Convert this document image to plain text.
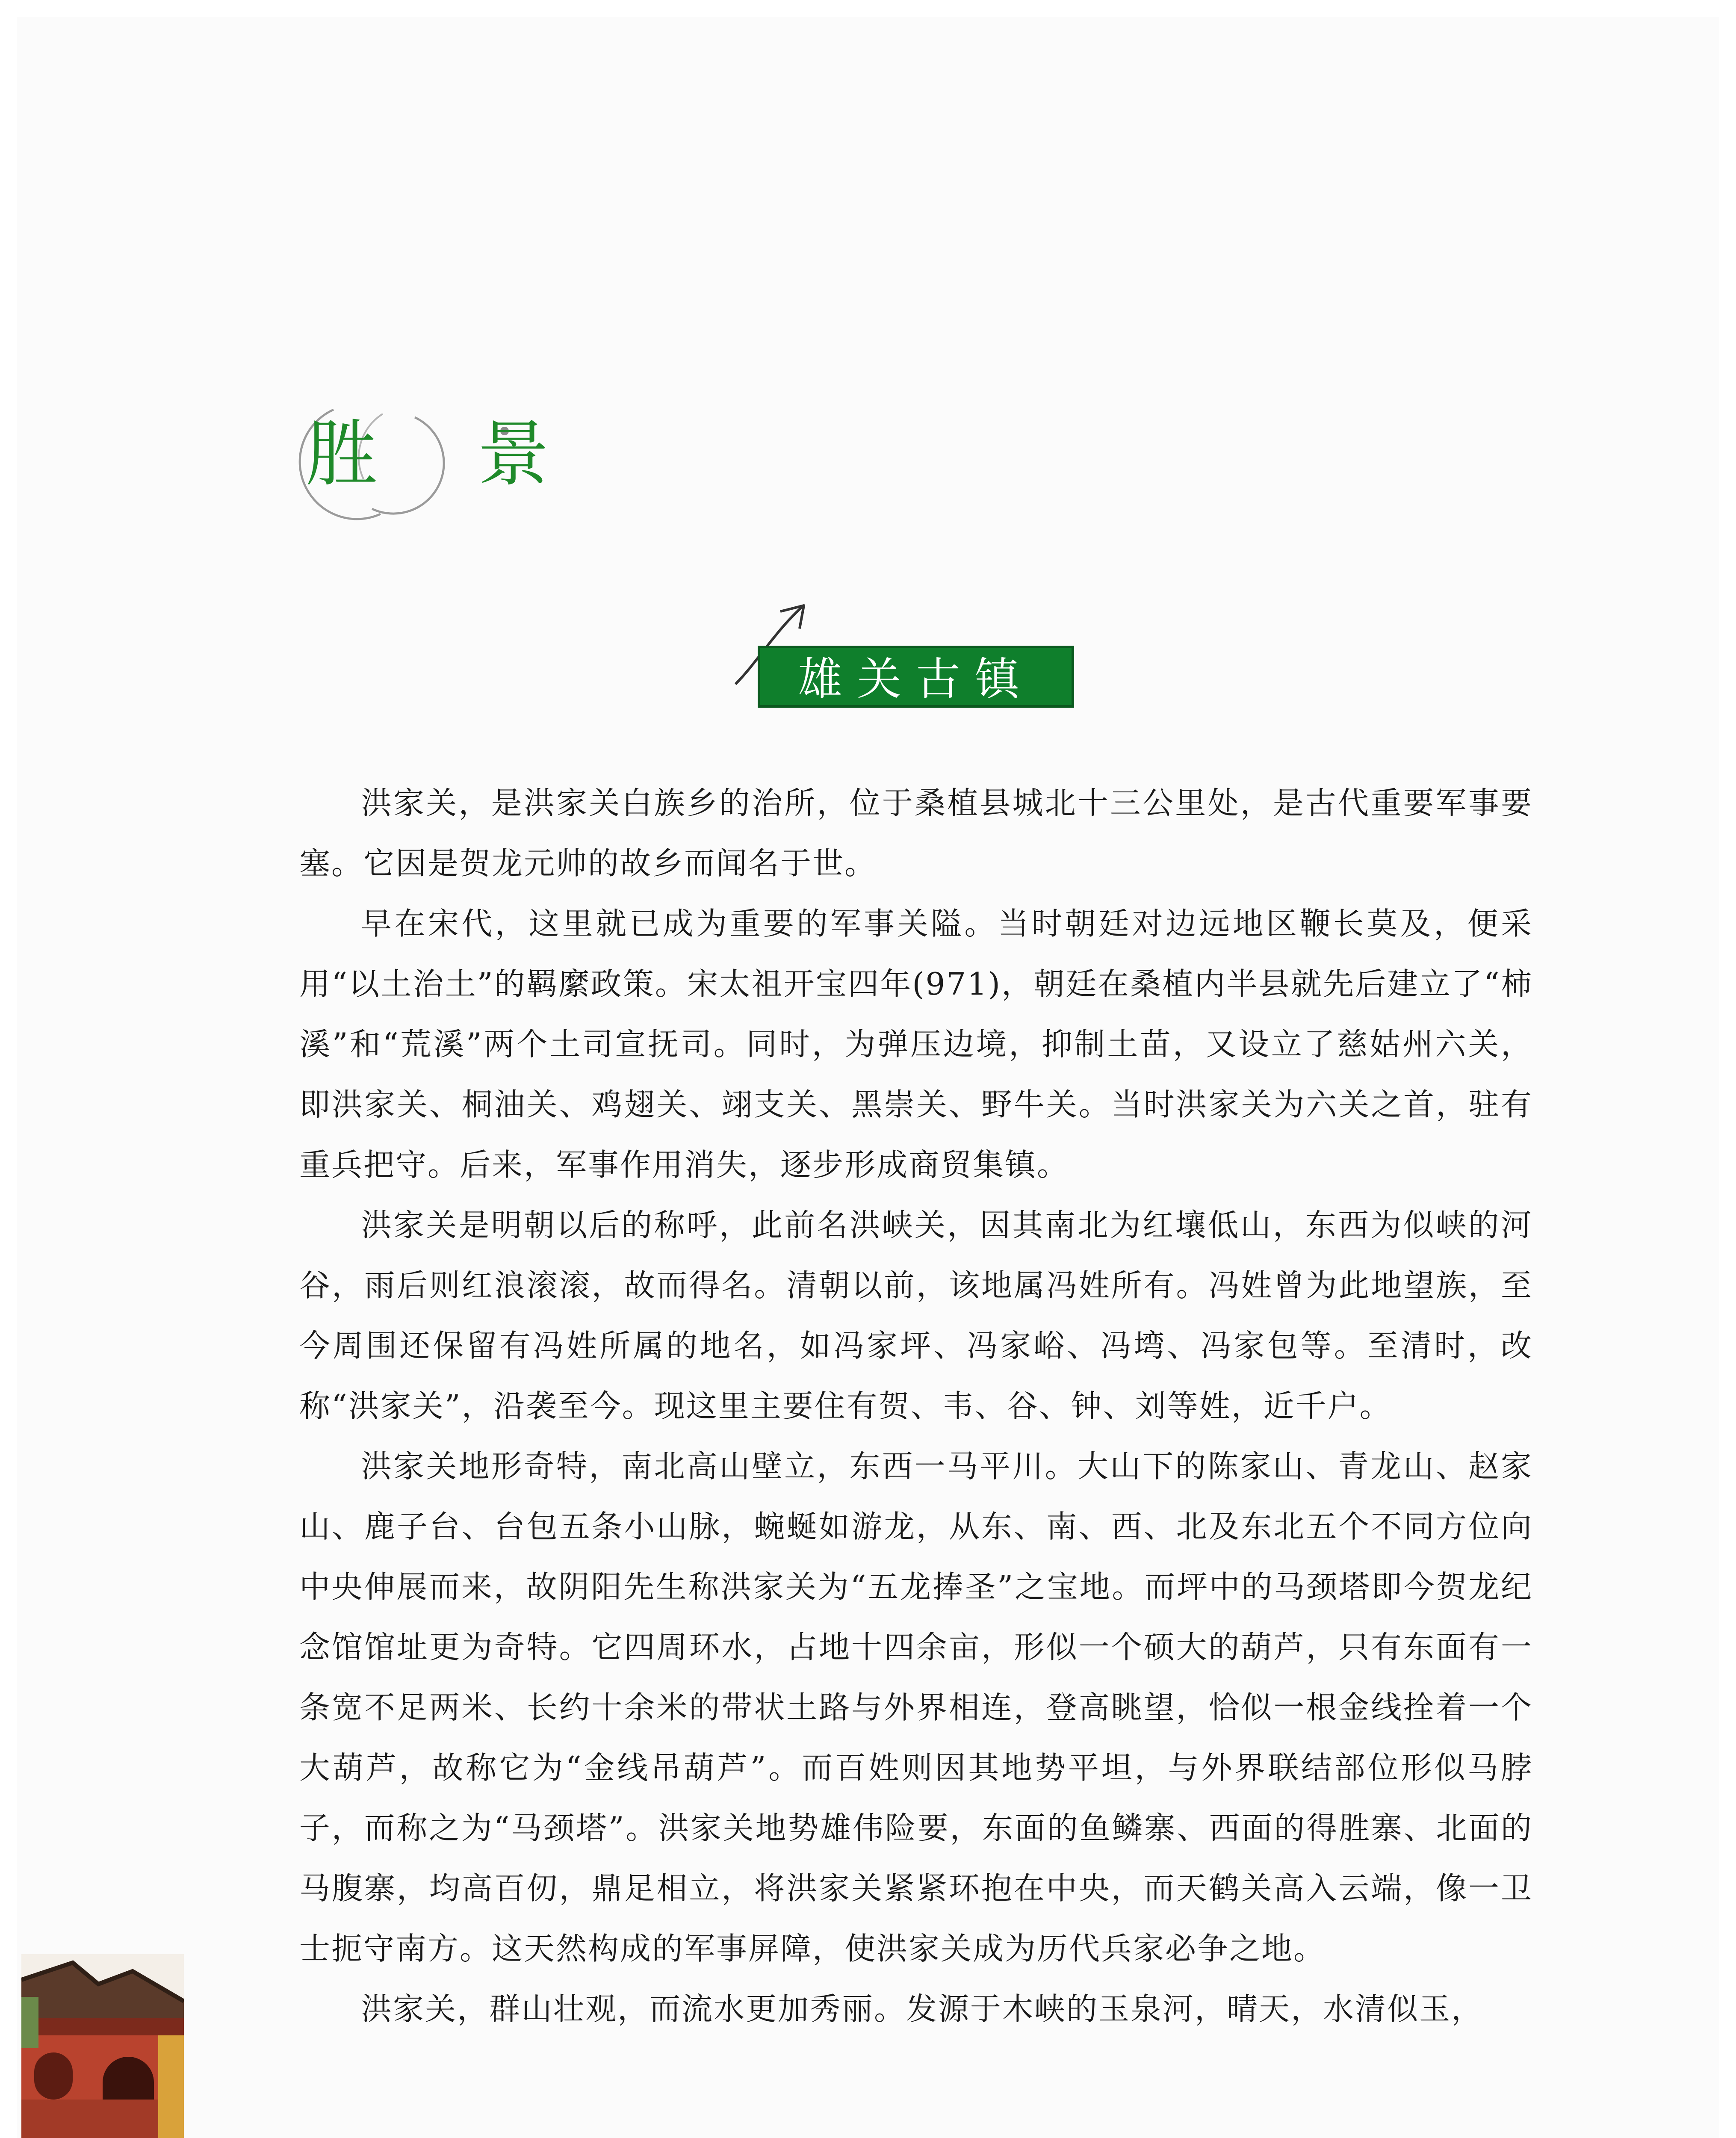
胜 景
雄关古镇

洪家关，是洪家关白族乡的治所，位于桑植县城北十三公里处，是古代重要军事要塞。它因是贺龙元帅的故乡而闻名于世。

早在宋代，这里就已成为重要的军事关隘。当时朝廷对边远地区鞭长莫及，便采用“以土治土”的羁縻政策。宋太祖开宝四年(971)，朝廷在桑植内半县就先后建立了“柿溪”和“荒溪”两个土司宣抚司。同时，为弹压边境，抑制土苗，又设立了慈姑州六关，即洪家关、桐油关、鸡翅关、翊支关、黑崇关、野牛关。当时洪家关为六关之首，驻有重兵把守。后来，军事作用消失，逐步形成商贸集镇。

洪家关是明朝以后的称呼，此前名洪峡关，因其南北为红壤低山，东西为似峡的河谷，雨后则红浪滚滚，故而得名。清朝以前，该地属冯姓所有。冯姓曾为此地望族，至今周围还保留有冯姓所属的地名，如冯家坪、冯家峪、冯塆、冯家包等。至清时，改称“洪家关”，沿袭至今。现这里主要住有贺、韦、谷、钟、刘等姓，近千户。

洪家关地形奇特，南北高山壁立，东西一马平川。大山下的陈家山、青龙山、赵家山、鹿子台、台包五条小山脉，蜿蜒如游龙，从东、南、西、北及东北五个不同方位向中央伸展而来，故阴阳先生称洪家关为“五龙捧圣”之宝地。而坪中的马颈塔即今贺龙纪念馆馆址更为奇特。它四周环水，占地十四余亩，形似一个硕大的葫芦，只有东面有一条宽不足两米、长约十余米的带状土路与外界相连，登高眺望，恰似一根金线拴着一个大葫芦，故称它为“金线吊葫芦”。而百姓则因其地势平坦，与外界联结部位形似马脖子，而称之为“马颈塔”。洪家关地势雄伟险要，东面的鱼鳞寨、西面的得胜寨、北面的马腹寨，均高百仞，鼎足相立，将洪家关紧紧环抱在中央，而天鹤关高入云端，像一卫士扼守南方。这天然构成的军事屏障，使洪家关成为历代兵家必争之地。

洪家关，群山壮观，而流水更加秀丽。发源于木峡的玉泉河，晴天，水清似玉，
